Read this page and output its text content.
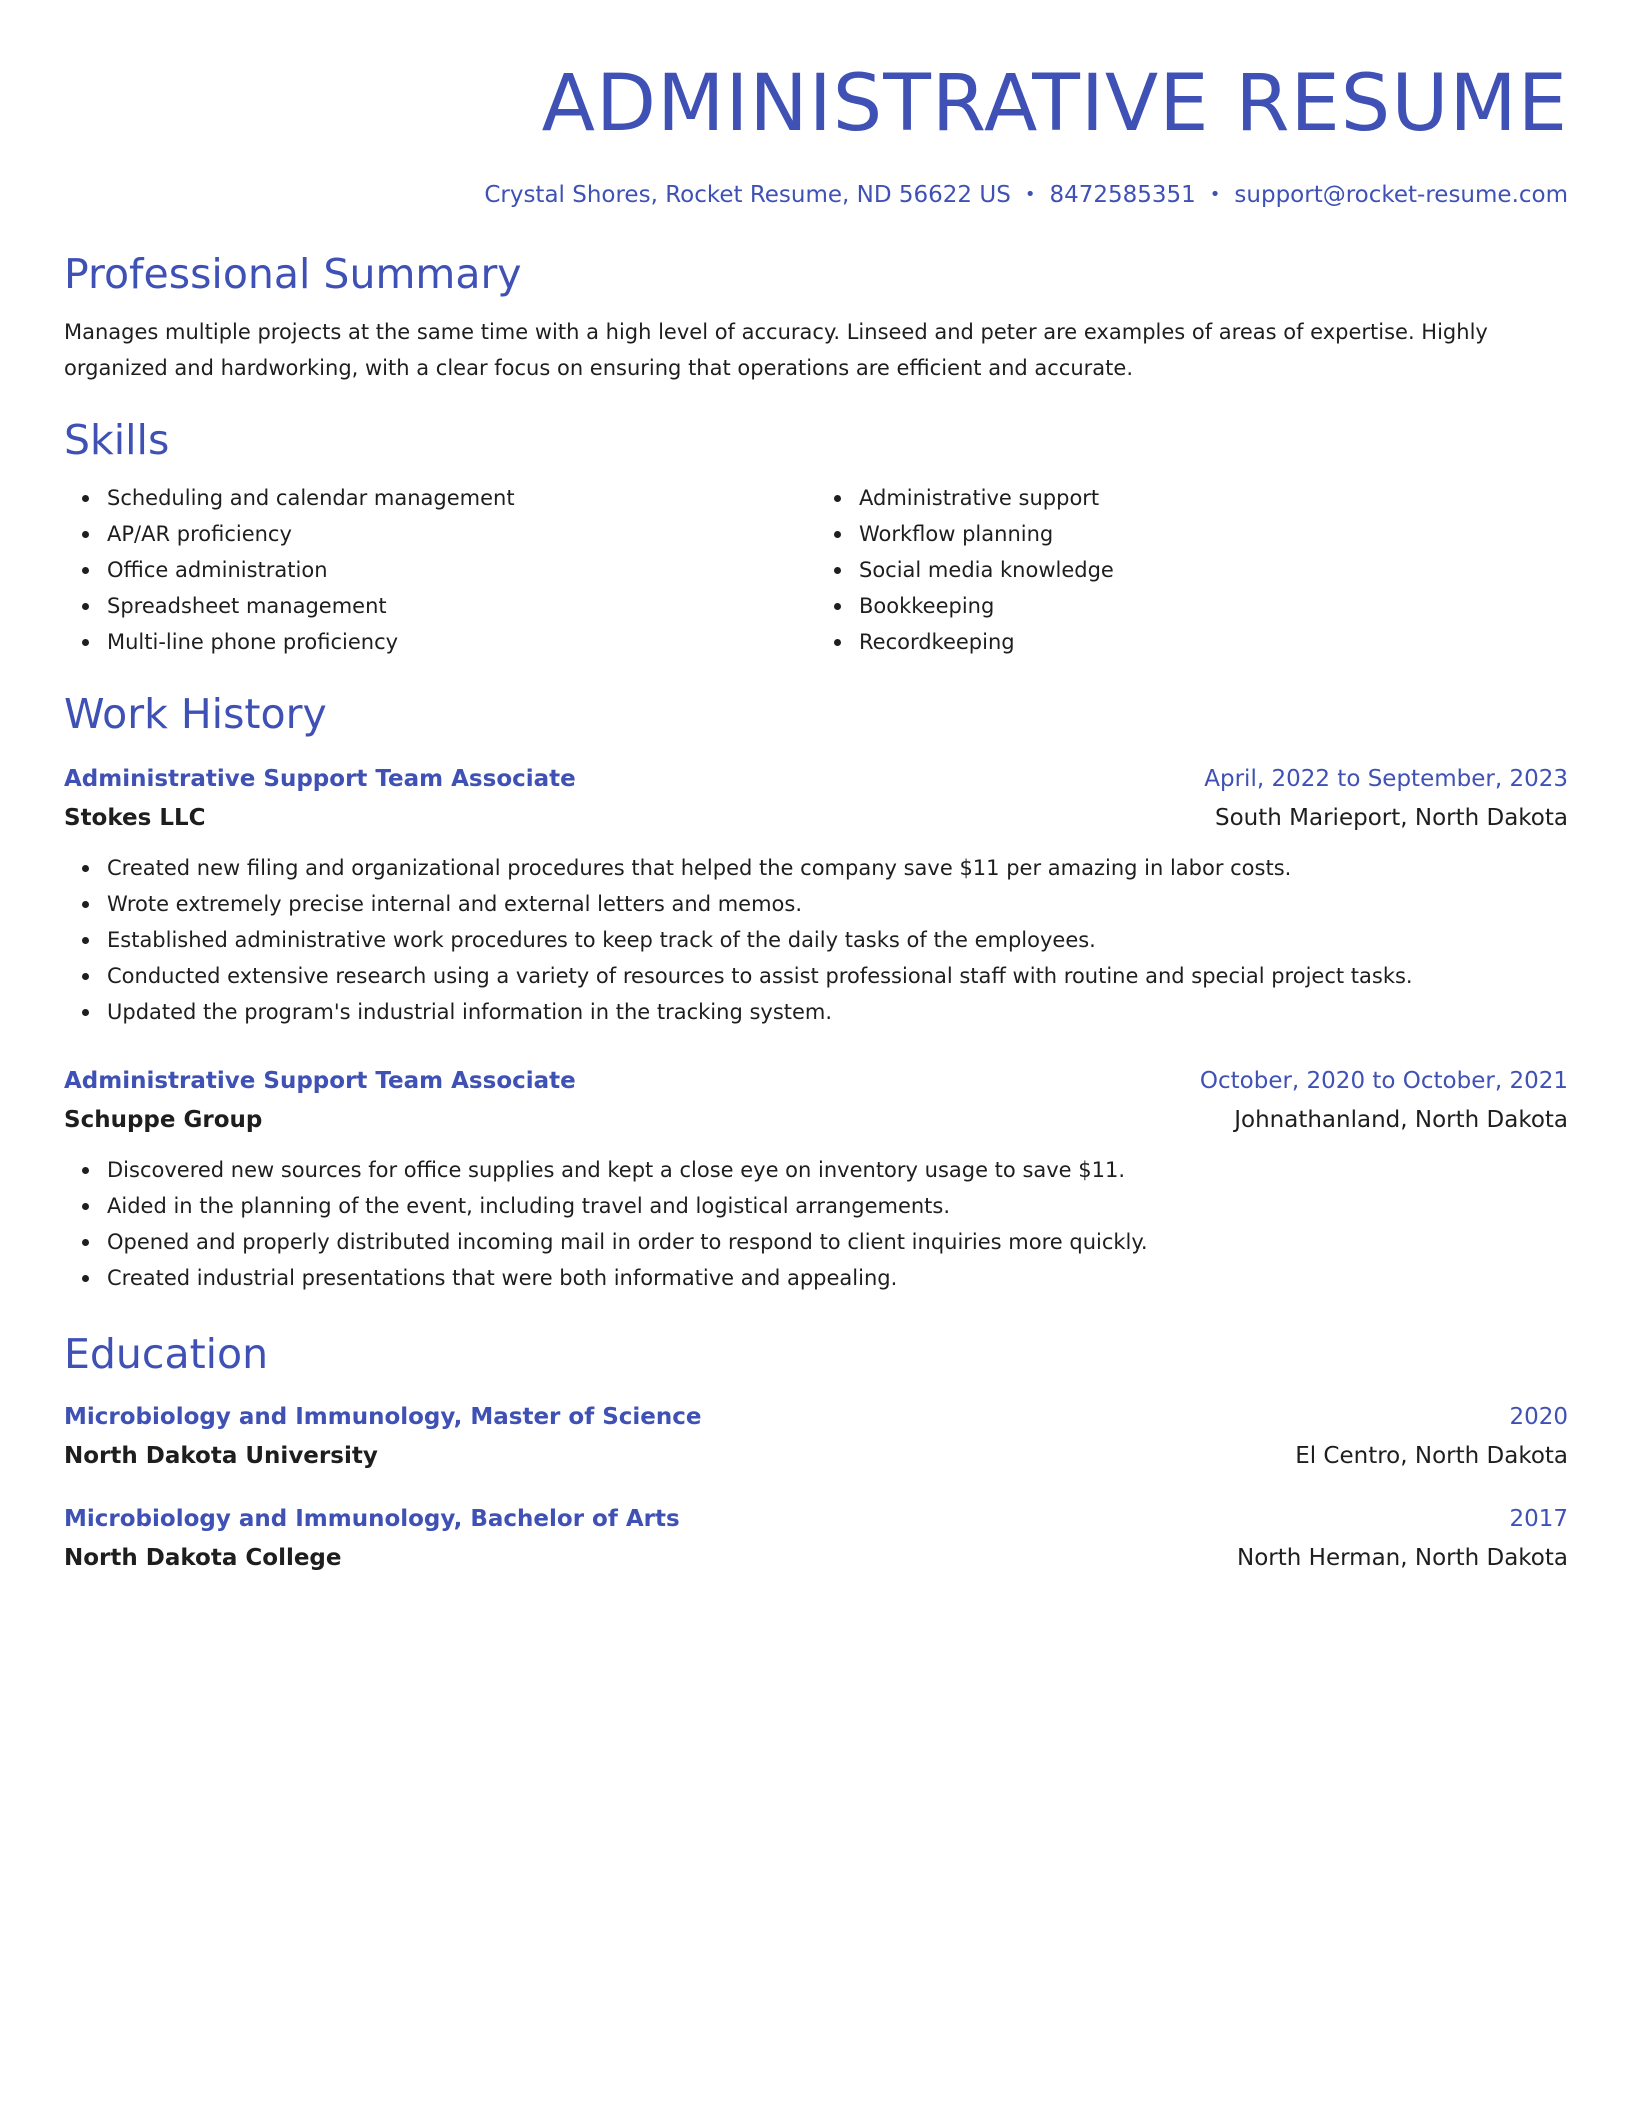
ADMINISTRATIVE RESUME
Crystal Shores, Rocket Resume, ND 56622 US • 8472585351 • support@rocket-resume.com
Professional Summary
Manages multiple projects at the same time with a high level of accuracy. Linseed and peter are examples of areas of expertise. Highly organized and hardworking, with a clear focus on ensuring that operations are efficient and accurate.
Skills
Scheduling and calendar management
AP/AR proficiency
Office administration
Spreadsheet management
Multi-line phone proficiency
Administrative support
Workflow planning
Social media knowledge
Bookkeeping
Recordkeeping
Work History
Administrative Support Team Associate	April, 2022 to September, 2023
Stokes LLC	South Marieport, North Dakota
Created new filing and organizational procedures that helped the company save $11 per amazing in labor costs.
Wrote extremely precise internal and external letters and memos.
Established administrative work procedures to keep track of the daily tasks of the employees.
Conducted extensive research using a variety of resources to assist professional staff with routine and special project tasks.
Updated the program's industrial information in the tracking system.
Administrative Support Team Associate	October, 2020 to October, 2021
Schuppe Group	Johnathanland, North Dakota
Discovered new sources for office supplies and kept a close eye on inventory usage to save $11.
Aided in the planning of the event, including travel and logistical arrangements.
Opened and properly distributed incoming mail in order to respond to client inquiries more quickly.
Created industrial presentations that were both informative and appealing.
Education
Microbiology and Immunology, Master of Science	2020
North Dakota University	El Centro, North Dakota
Microbiology and Immunology, Bachelor of Arts	2017
North Dakota College	North Herman, North Dakota
